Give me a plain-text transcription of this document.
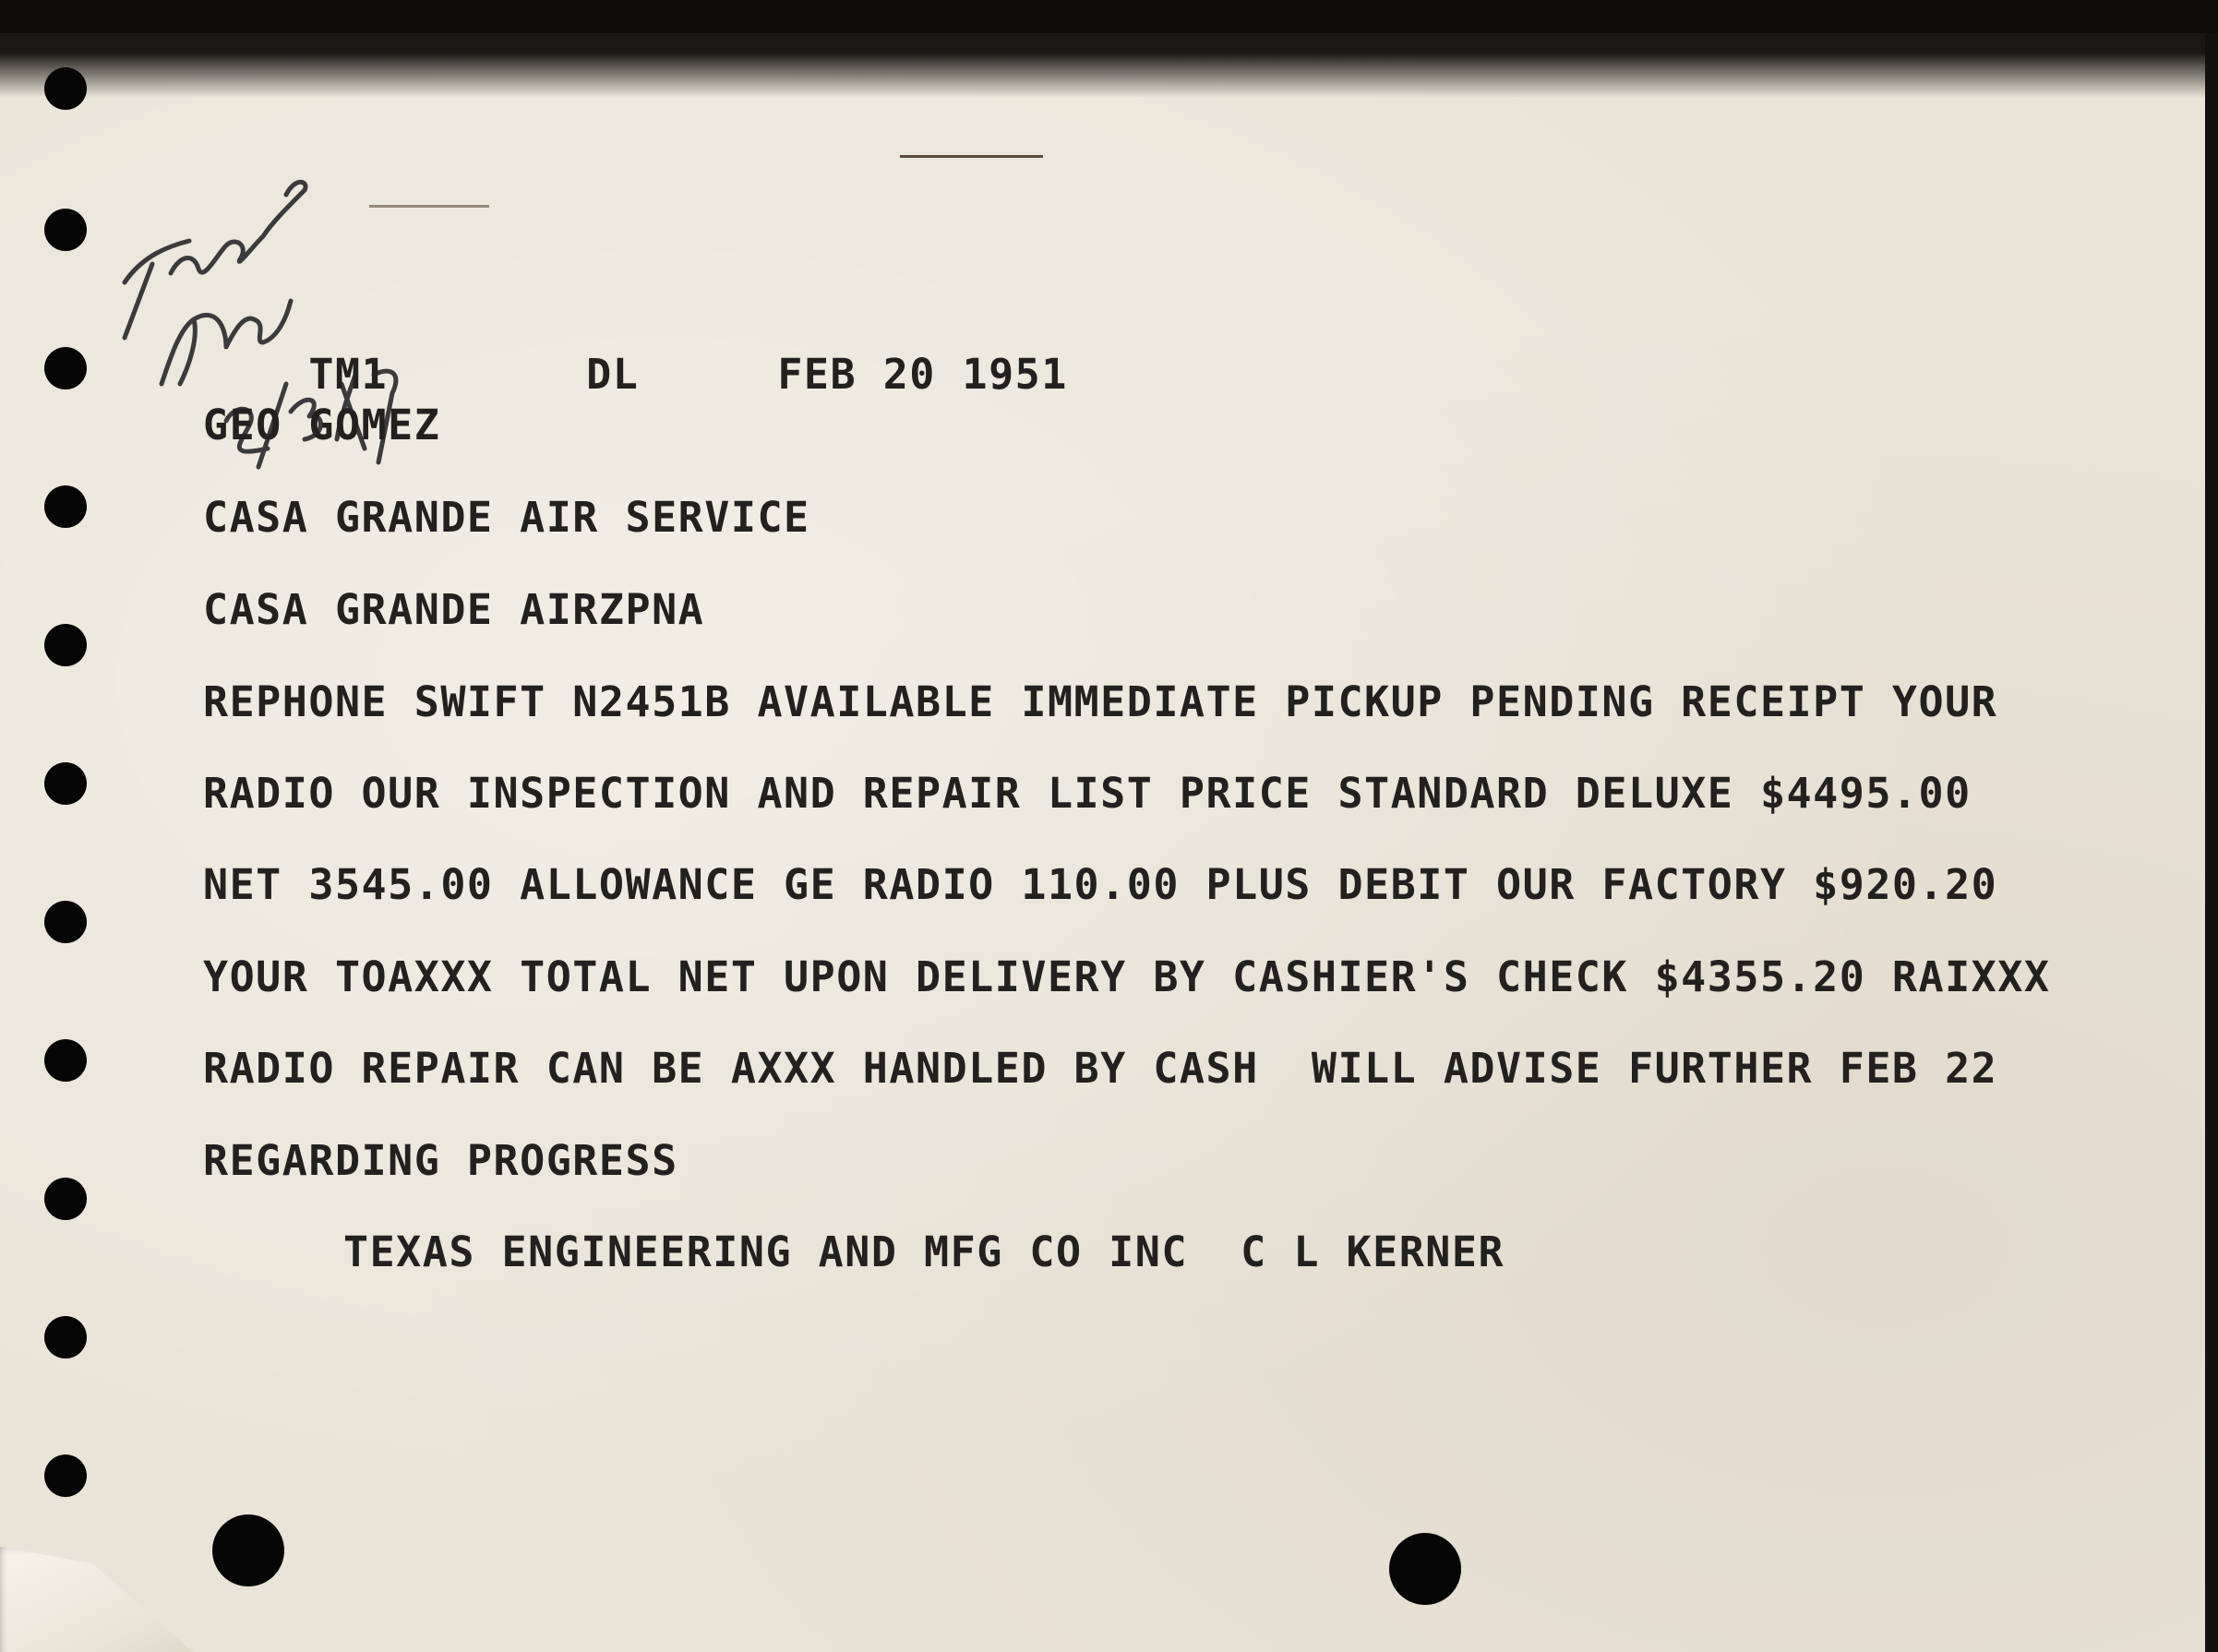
TM1	DL	FEB 20 1951

GEO GOMEZ
CASA GRANDE AIR SERVICE
CASA GRANDE AIRZPNA
REPHONE SWIFT N2451B AVAILABLE IMMEDIATE PICKUP PENDING RECEIPT YOUR
RADIO OUR INSPECTION AND REPAIR LIST PRICE STANDARD DELUXE $4495.00
NET 3545.00 ALLOWANCE GE RADIO 110.00 PLUS DEBIT OUR FACTORY $920.20
YOUR TOAXXX TOTAL NET UPON DELIVERY BY CASHIER'S CHECK $4355.20 RAIXXX
RADIO REPAIR CAN BE AXXX HANDLED BY CASH  WILL ADVISE FURTHER FEB 22
REGARDING PROGRESS
TEXAS ENGINEERING AND MFG CO INC  C L KERNER
